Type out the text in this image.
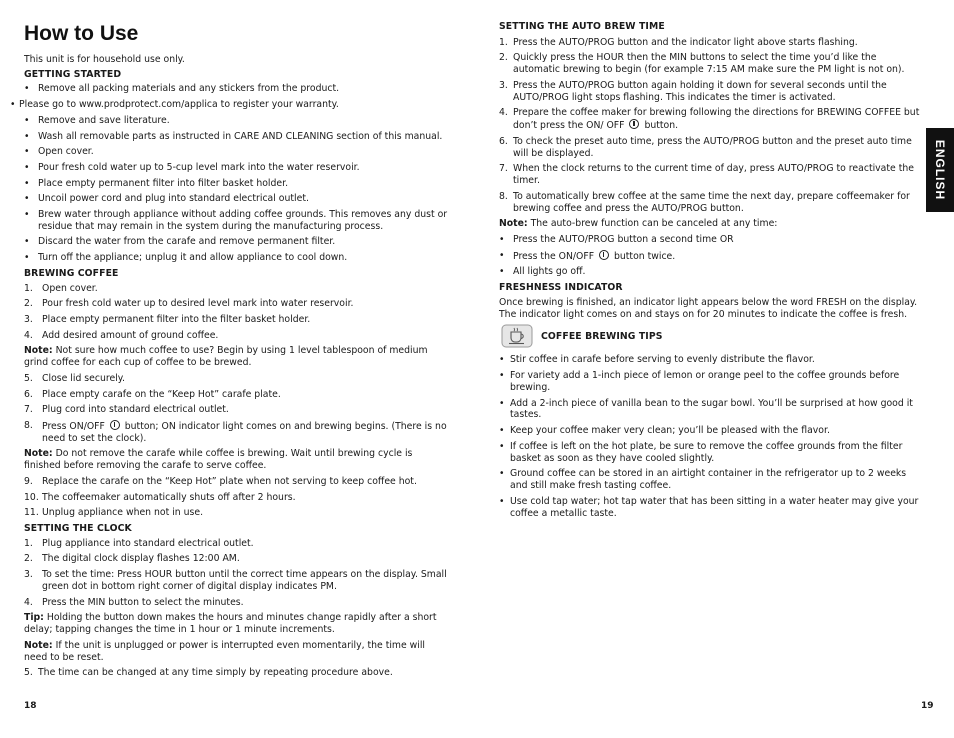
How to Use
This unit is for household use only.
GETTING STARTED
• Remove all packing materials and any stickers from the product.
• Please go to www.prodprotect.com/applica to register your warranty.
• Remove and save literature.
• Wash all removable parts as instructed in CARE AND CLEANING section of this manual.
• Open cover.
• Pour fresh cold water up to 5-cup level mark into the water reservoir.
• Place empty permanent filter into filter basket holder.
• Uncoil power cord and plug into standard electrical outlet.
• Brew water through appliance without adding coffee grounds. This removes any dust or residue that may remain in the system during the manufacturing process.
• Discard the water from the carafe and remove permanent filter.
• Turn off the appliance; unplug it and allow appliance to cool down.
BREWING COFFEE
1. Open cover.
2. Pour fresh cold water up to desired level mark into water reservoir.
3. Place empty permanent filter into the filter basket holder.
4. Add desired amount of ground coffee.
Note: Not sure how much coffee to use? Begin by using 1 level tablespoon of medium grind coffee for each cup of coffee to be brewed.
5. Close lid securely.
6. Place empty carafe on the “Keep Hot” carafe plate.
7. Plug cord into standard electrical outlet.
8. Press ON/OFF  button; ON indicator light comes on and brewing begins. (There is no need to set the clock).
Note: Do not remove the carafe while coffee is brewing. Wait until brewing cycle is finished before removing the carafe to serve coffee.
9. Replace the carafe on the “Keep Hot” plate when not serving to keep coffee hot.
10. The coffeemaker automatically shuts off after 2 hours.
11. Unplug appliance when not in use.
SETTING THE CLOCK
1. Plug appliance into standard electrical outlet.
2. The digital clock display flashes 12:00 AM.
3. To set the time: Press HOUR button until the correct time appears on the display. Small green dot in bottom right corner of digital display indicates PM.
4. Press the MIN button to select the minutes.
Tip: Holding the button down makes the hours and minutes change rapidly after a short delay; tapping changes the time in 1 hour or 1 minute increments.
Note: If the unit is unplugged or power is interrupted even momentarily, the time will need to be reset.
5. The time can be changed at any time simply by repeating procedure above.
SETTING THE AUTO BREW TIME
1. Press the AUTO/PROG button and the indicator light above starts flashing.
2. Quickly press the HOUR then the MIN buttons to select the time you’d like the automatic brewing to begin (for example 7:15 AM make sure the PM light is not on).
3. Press the AUTO/PROG button again holding it down for several seconds until the AUTO/PROG light stops flashing. This indicates the timer is activated.
4. Prepare the coffee maker for brewing following the directions for BREWING COFFEE but don’t press the ON/ OFF  button.
6. To check the preset auto time, press the AUTO/PROG button and the preset auto time will be displayed.
7. When the clock returns to the current time of day, press AUTO/PROG to reactivate the timer.
8. To automatically brew coffee at the same time the next day, prepare coffeemaker for brewing coffee and press the AUTO/PROG button.
Note: The auto-brew function can be canceled at any time:
• Press the AUTO/PROG button a second time OR
• Press the ON/OFF  button twice.
• All lights go off.
FRESHNESS INDICATOR
Once brewing is finished, an indicator light appears below the word FRESH on the display. The indicator light comes on and stays on for 20 minutes to indicate the coffee is fresh.
COFFEE BREWING TIPS
• Stir coffee in carafe before serving to evenly distribute the flavor.
• For variety add a 1-inch piece of lemon or orange peel to the coffee grounds before brewing.
• Add a 2-inch piece of vanilla bean to the sugar bowl. You’ll be surprised at how good it tastes.
• Keep your coffee maker very clean; you’ll be pleased with the flavor.
• If coffee is left on the hot plate, be sure to remove the coffee grounds from the filter basket as soon as they have cooled slightly.
• Ground coffee can be stored in an airtight container in the refrigerator up to 2 weeks and still make fresh tasting coffee.
• Use cold tap water; hot tap water that has been sitting in a water heater may give your coffee a metallic taste.
ENGLISH
18	19
